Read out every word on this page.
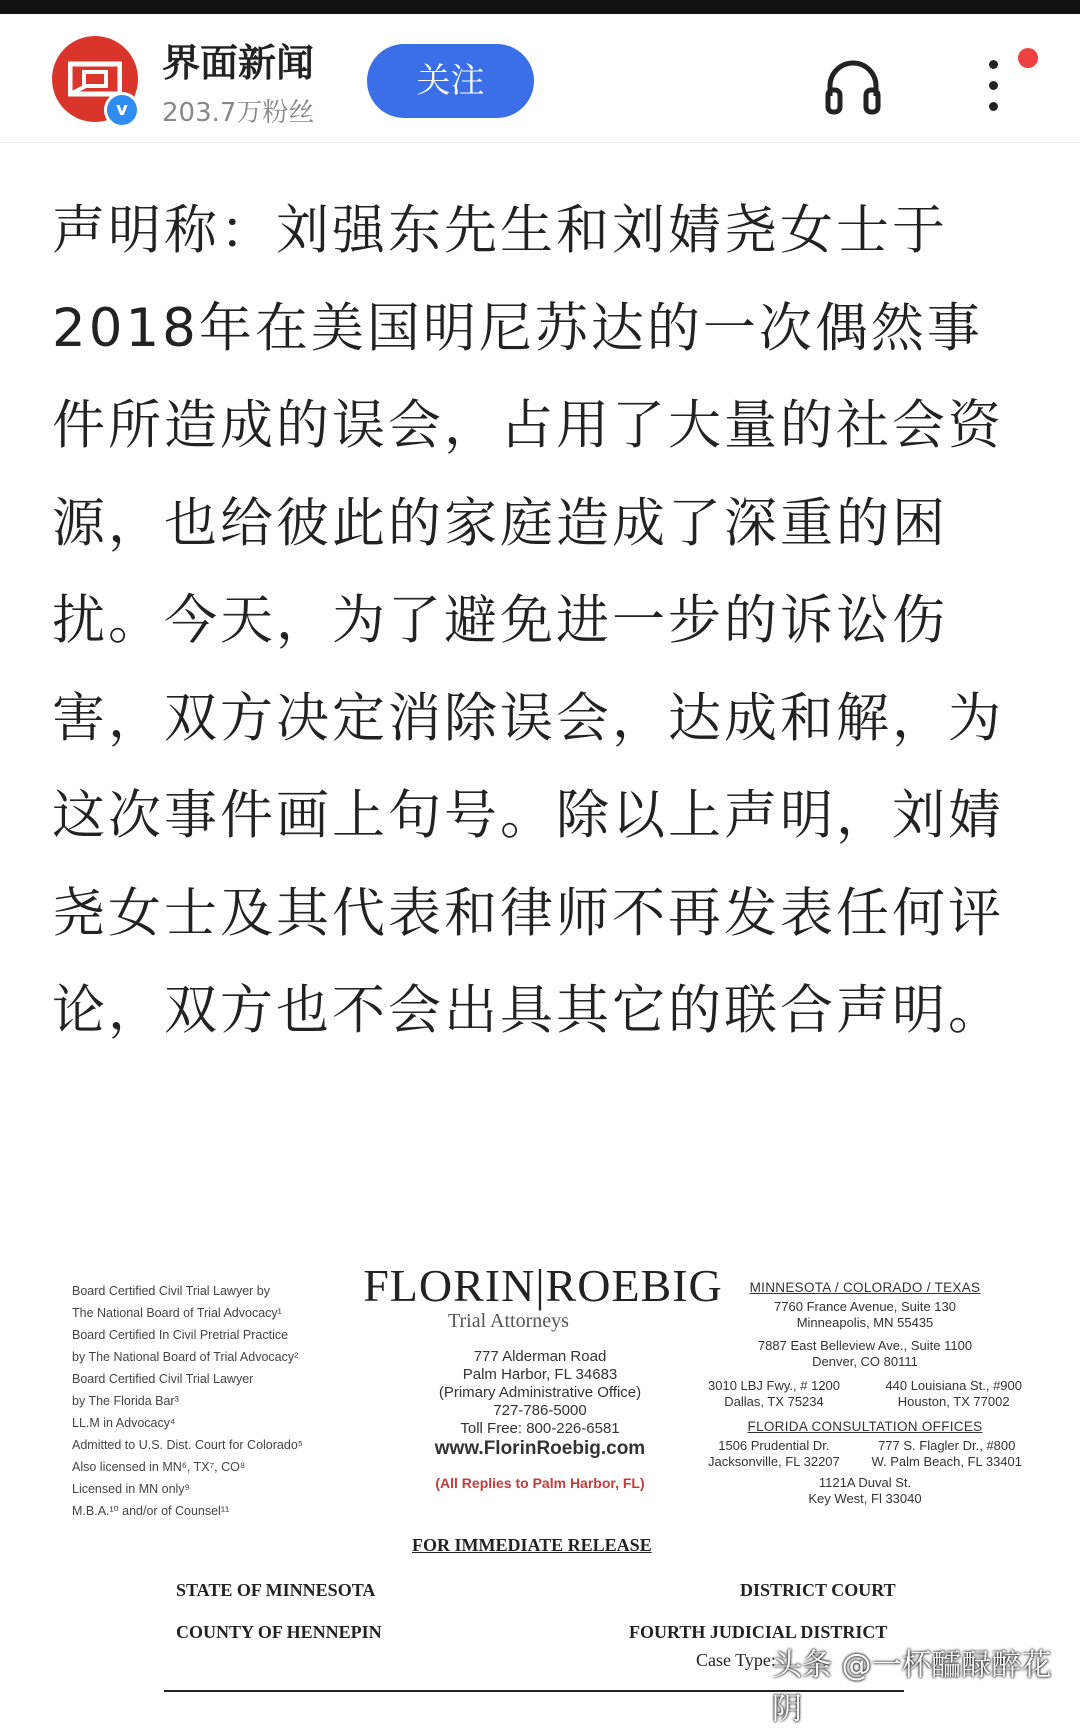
v
界面新闻
203.7万粉丝
关注

声明称：刘强东先生和刘婧尧女士于2018年在美国明尼苏达的一次偶然事件所造成的误会，占用了大量的社会资源，也给彼此的家庭造成了深重的困扰。今天，为了避免进一步的诉讼伤害，双方决定消除误会，达成和解，为这次事件画上句号。除以上声明，刘婧尧女士及其代表和律师不再发表任何评论，双方也不会出具其它的联合声明。

Board Certified Civil Trial Lawyer by
The National Board of Trial Advocacy¹
Board Certified In Civil Pretrial Practice
by The National Board of Trial Advocacy²
Board Certified Civil Trial Lawyer
by The Florida Bar³
LL.M in Advocacy⁴
Admitted to U.S. Dist. Court for Colorado⁵
Also licensed in MN⁶, TX⁷, CO⁸
Licensed in MN only⁹
M.B.A.¹⁰ and/or of Counsel¹¹
FLORIN|ROEBIG
Trial Attorneys
777 Alderman Road
Palm Harbor, FL 34683
(Primary Administrative Office)
727-786-5000
Toll Free: 800-226-6581
www.FlorinRoebig.com
(All Replies to Palm Harbor, FL)
MINNESOTA / COLORADO / TEXAS
7760 France Avenue, Suite 130
Minneapolis, MN 55435
7887 East Belleview Ave., Suite 1100
Denver, CO 80111
3010 LBJ Fwy., # 1200
Dallas, TX 75234
440 Louisiana St., #900
Houston, TX 77002
FLORIDA CONSULTATION OFFICES
1506 Prudential Dr.
Jacksonville, FL 32207
777 S. Flagler Dr., #800
W. Palm Beach, FL 33401
1121A Duval St.
Key West, Fl 33040
FOR IMMEDIATE RELEASE
STATE OF MINNESOTA	DISTRICT COURT
COUNTY OF HENNEPIN	FOURTH JUDICIAL DISTRICT
Case Type:
头条 @一杯醽醁醉花阴
